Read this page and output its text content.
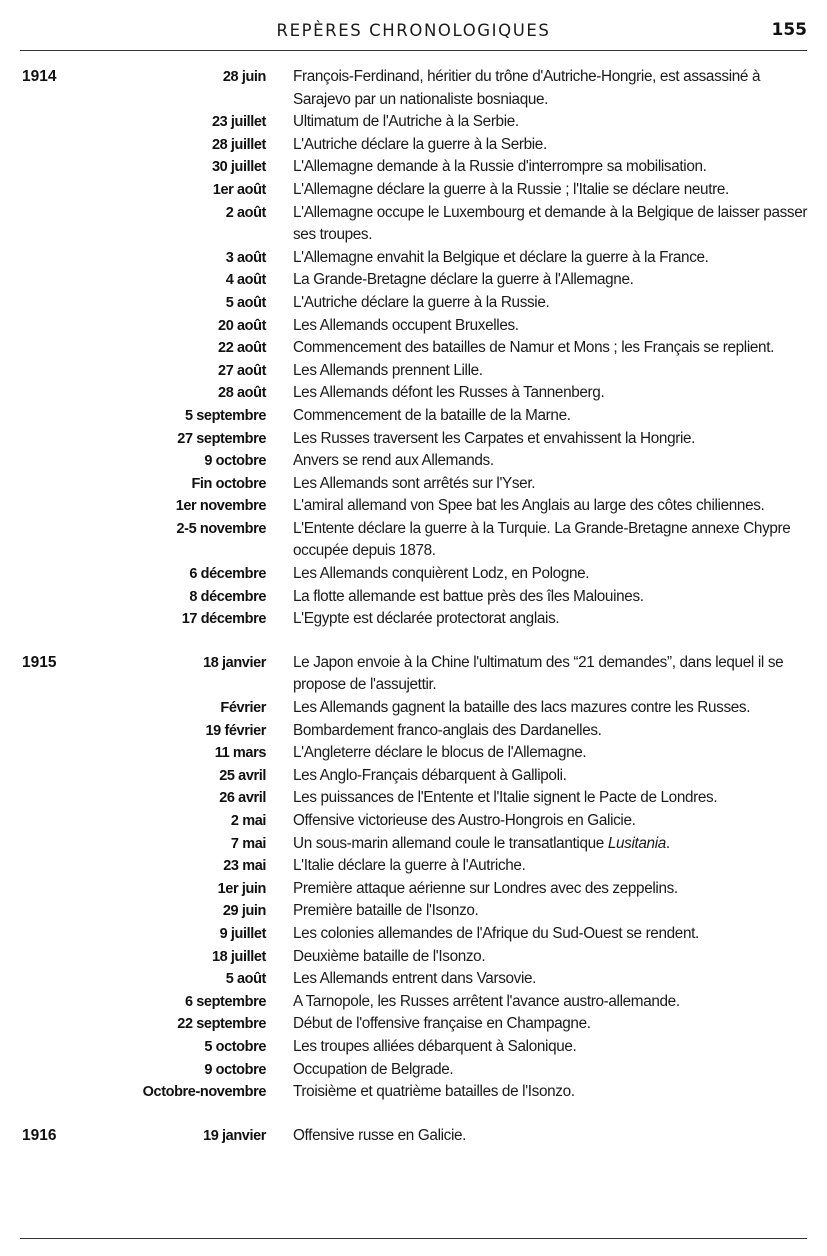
REPÈRES CHRONOLOGIQUES	155
1914	28 juin François-Ferdinand, héritier du trône d'Autriche-Hongrie, est assassiné à Sarajevo par un nationaliste bosniaque.
23 juillet Ultimatum de l'Autriche à la Serbie.
28 juillet L'Autriche déclare la guerre à la Serbie.
30 juillet L'Allemagne demande à la Russie d'interrompre sa mobilisation.
1er août L'Allemagne déclare la guerre à la Russie ; l'Italie se déclare neutre.
2 août L'Allemagne occupe le Luxembourg et demande à la Belgique de laisser passer ses troupes.
3 août L'Allemagne envahit la Belgique et déclare la guerre à la France.
4 août La Grande-Bretagne déclare la guerre à l'Allemagne.
5 août L'Autriche déclare la guerre à la Russie.
20 août Les Allemands occupent Bruxelles.
22 août Commencement des batailles de Namur et Mons ; les Français se replient.
27 août Les Allemands prennent Lille.
28 août Les Allemands défont les Russes à Tannenberg.
5 septembre Commencement de la bataille de la Marne.
27 septembre Les Russes traversent les Carpates et envahissent la Hongrie.
9 octobre Anvers se rend aux Allemands.
Fin octobre Les Allemands sont arrêtés sur l'Yser.
1er novembre L'amiral allemand von Spee bat les Anglais au large des côtes chiliennes.
2-5 novembre L'Entente déclare la guerre à la Turquie. La Grande-Bretagne annexe Chypre occupée depuis 1878.
6 décembre Les Allemands conquièrent Lodz, en Pologne.
8 décembre La flotte allemande est battue près des îles Malouines.
17 décembre L'Egypte est déclarée protectorat anglais.
1915	18 janvier Le Japon envoie à la Chine l'ultimatum des “21 demandes”, dans lequel il se propose de l'assujettir.
Février Les Allemands gagnent la bataille des lacs mazures contre les Russes.
19 février Bombardement franco-anglais des Dardanelles.
11 mars L'Angleterre déclare le blocus de l'Allemagne.
25 avril Les Anglo-Français débarquent à Gallipoli.
26 avril Les puissances de l'Entente et l'Italie signent le Pacte de Londres.
2 mai Offensive victorieuse des Austro-Hongrois en Galicie.
7 mai Un sous-marin allemand coule le transatlantique Lusitania.
23 mai L'Italie déclare la guerre à l'Autriche.
1er juin Première attaque aérienne sur Londres avec des zeppelins.
29 juin Première bataille de l'Isonzo.
9 juillet Les colonies allemandes de l'Afrique du Sud-Ouest se rendent.
18 juillet Deuxième bataille de l'Isonzo.
5 août Les Allemands entrent dans Varsovie.
6 septembre A Tarnopole, les Russes arrêtent l'avance austro-allemande.
22 septembre Début de l'offensive française en Champagne.
5 octobre Les troupes alliées débarquent à Salonique.
9 octobre Occupation de Belgrade.
Octobre-novembre Troisième et quatrième batailles de l'Isonzo.
1916	19 janvier Offensive russe en Galicie.
